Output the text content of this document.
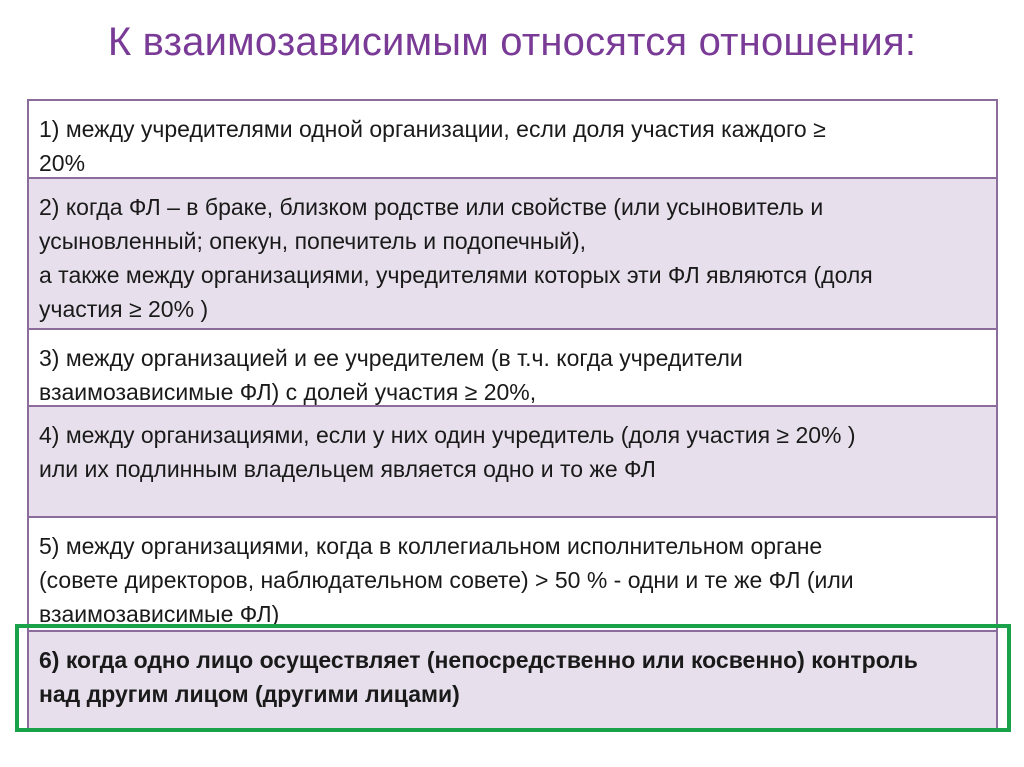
К взаимозависимым относятся отношения:
1) между учредителями одной организации, если доля участия каждого ≥
20%
2) когда ФЛ – в браке, близком родстве или свойстве (или усыновитель и
усыновленный; опекун, попечитель и подопечный),
а также между организациями, учредителями которых эти ФЛ являются (доля
участия ≥ 20% )
3) между организацией и ее учредителем (в т.ч. когда учредители
взаимозависимые ФЛ) с долей участия ≥ 20%,
4) между организациями, если у них один учредитель (доля участия ≥ 20% )
или их подлинным владельцем является одно и то же ФЛ
5) между организациями, когда в коллегиальном исполнительном органе
(совете директоров, наблюдательном совете) > 50 % - одни и те же ФЛ (или
взаимозависимые ФЛ)
6) когда одно лицо осуществляет (непосредственно или косвенно) контроль
над другим лицом (другими лицами)
